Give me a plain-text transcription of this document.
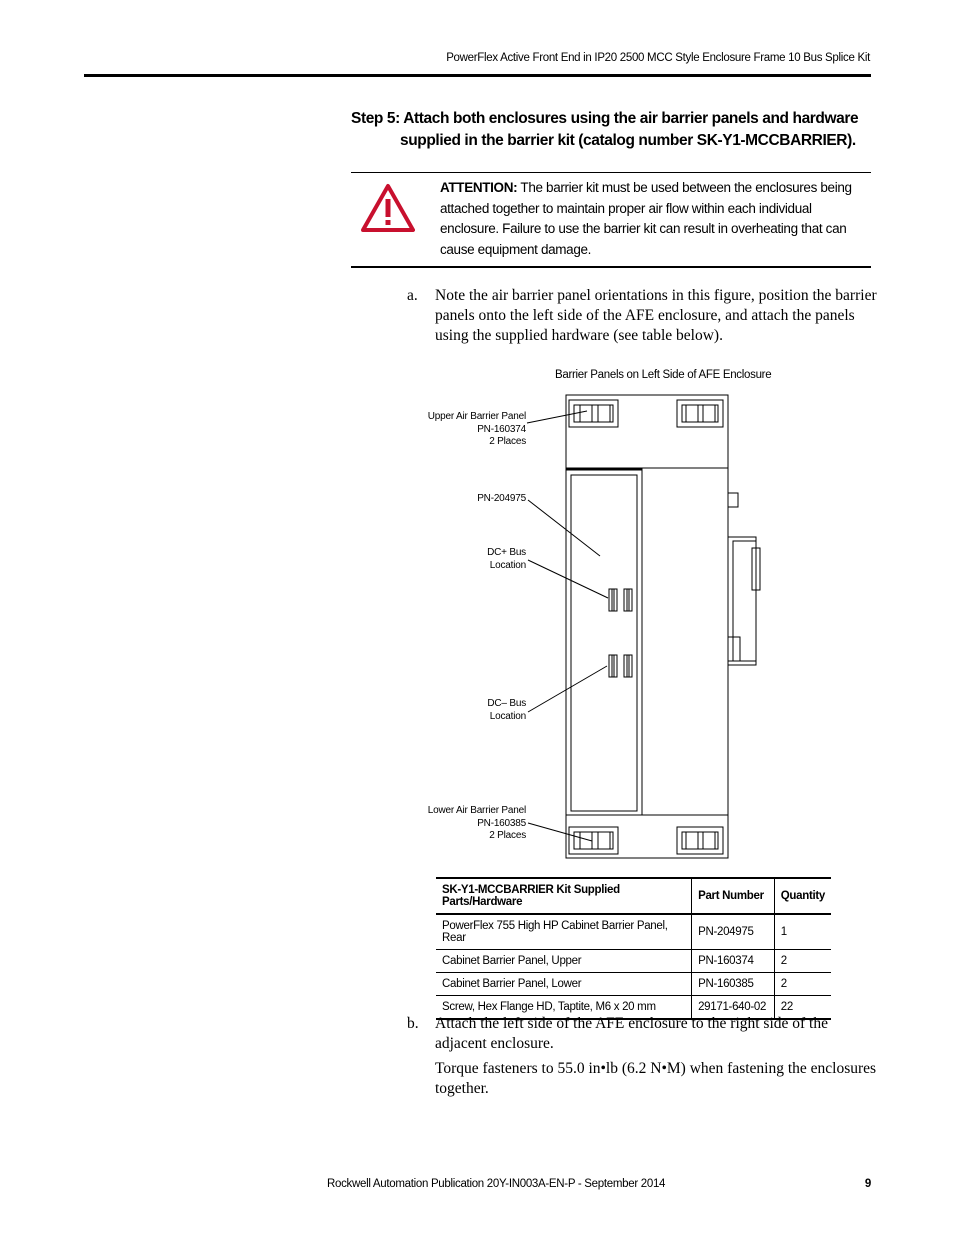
PowerFlex Active Front End in IP20 2500 MCC Style Enclosure Frame 10 Bus Splice Kit
Step 5: Attach both enclosures using the air barrier panels and hardware
supplied in the barrier kit (catalog number SK-Y1-MCCBARRIER).
ATTENTION: The barrier kit must be used between the enclosures being attached together to maintain proper air flow within each individual enclosure. Failure to use the barrier kit can result in overheating that can cause equipment damage.
a. Note the air barrier panel orientations in this figure, position the barrier panels onto the left side of the AFE enclosure, and attach the panels using the supplied hardware (see table below).
Barrier Panels on Left Side of AFE Enclosure
Upper Air Barrier Panel
PN-160374
2 Places
PN-204975
DC+ Bus
Location
DC– Bus
Location
Lower Air Barrier Panel
PN-160385
2 Places
SK-Y1-MCCBARRIER Kit Supplied Parts/Hardware	Part Number	Quantity
PowerFlex 755 High HP Cabinet Barrier Panel, Rear	PN-204975	1
Cabinet Barrier Panel, Upper	PN-160374	2
Cabinet Barrier Panel, Lower	PN-160385	2
Screw, Hex Flange HD, Taptite, M6 x 20 mm	29171-640-02	22
b. Attach the left side of the AFE enclosure to the right side of the adjacent enclosure.
Torque fasteners to 55.0 in•lb (6.2 N•M) when fastening the enclosures together.
Rockwell Automation Publication 20Y-IN003A-EN-P - September 2014	9
